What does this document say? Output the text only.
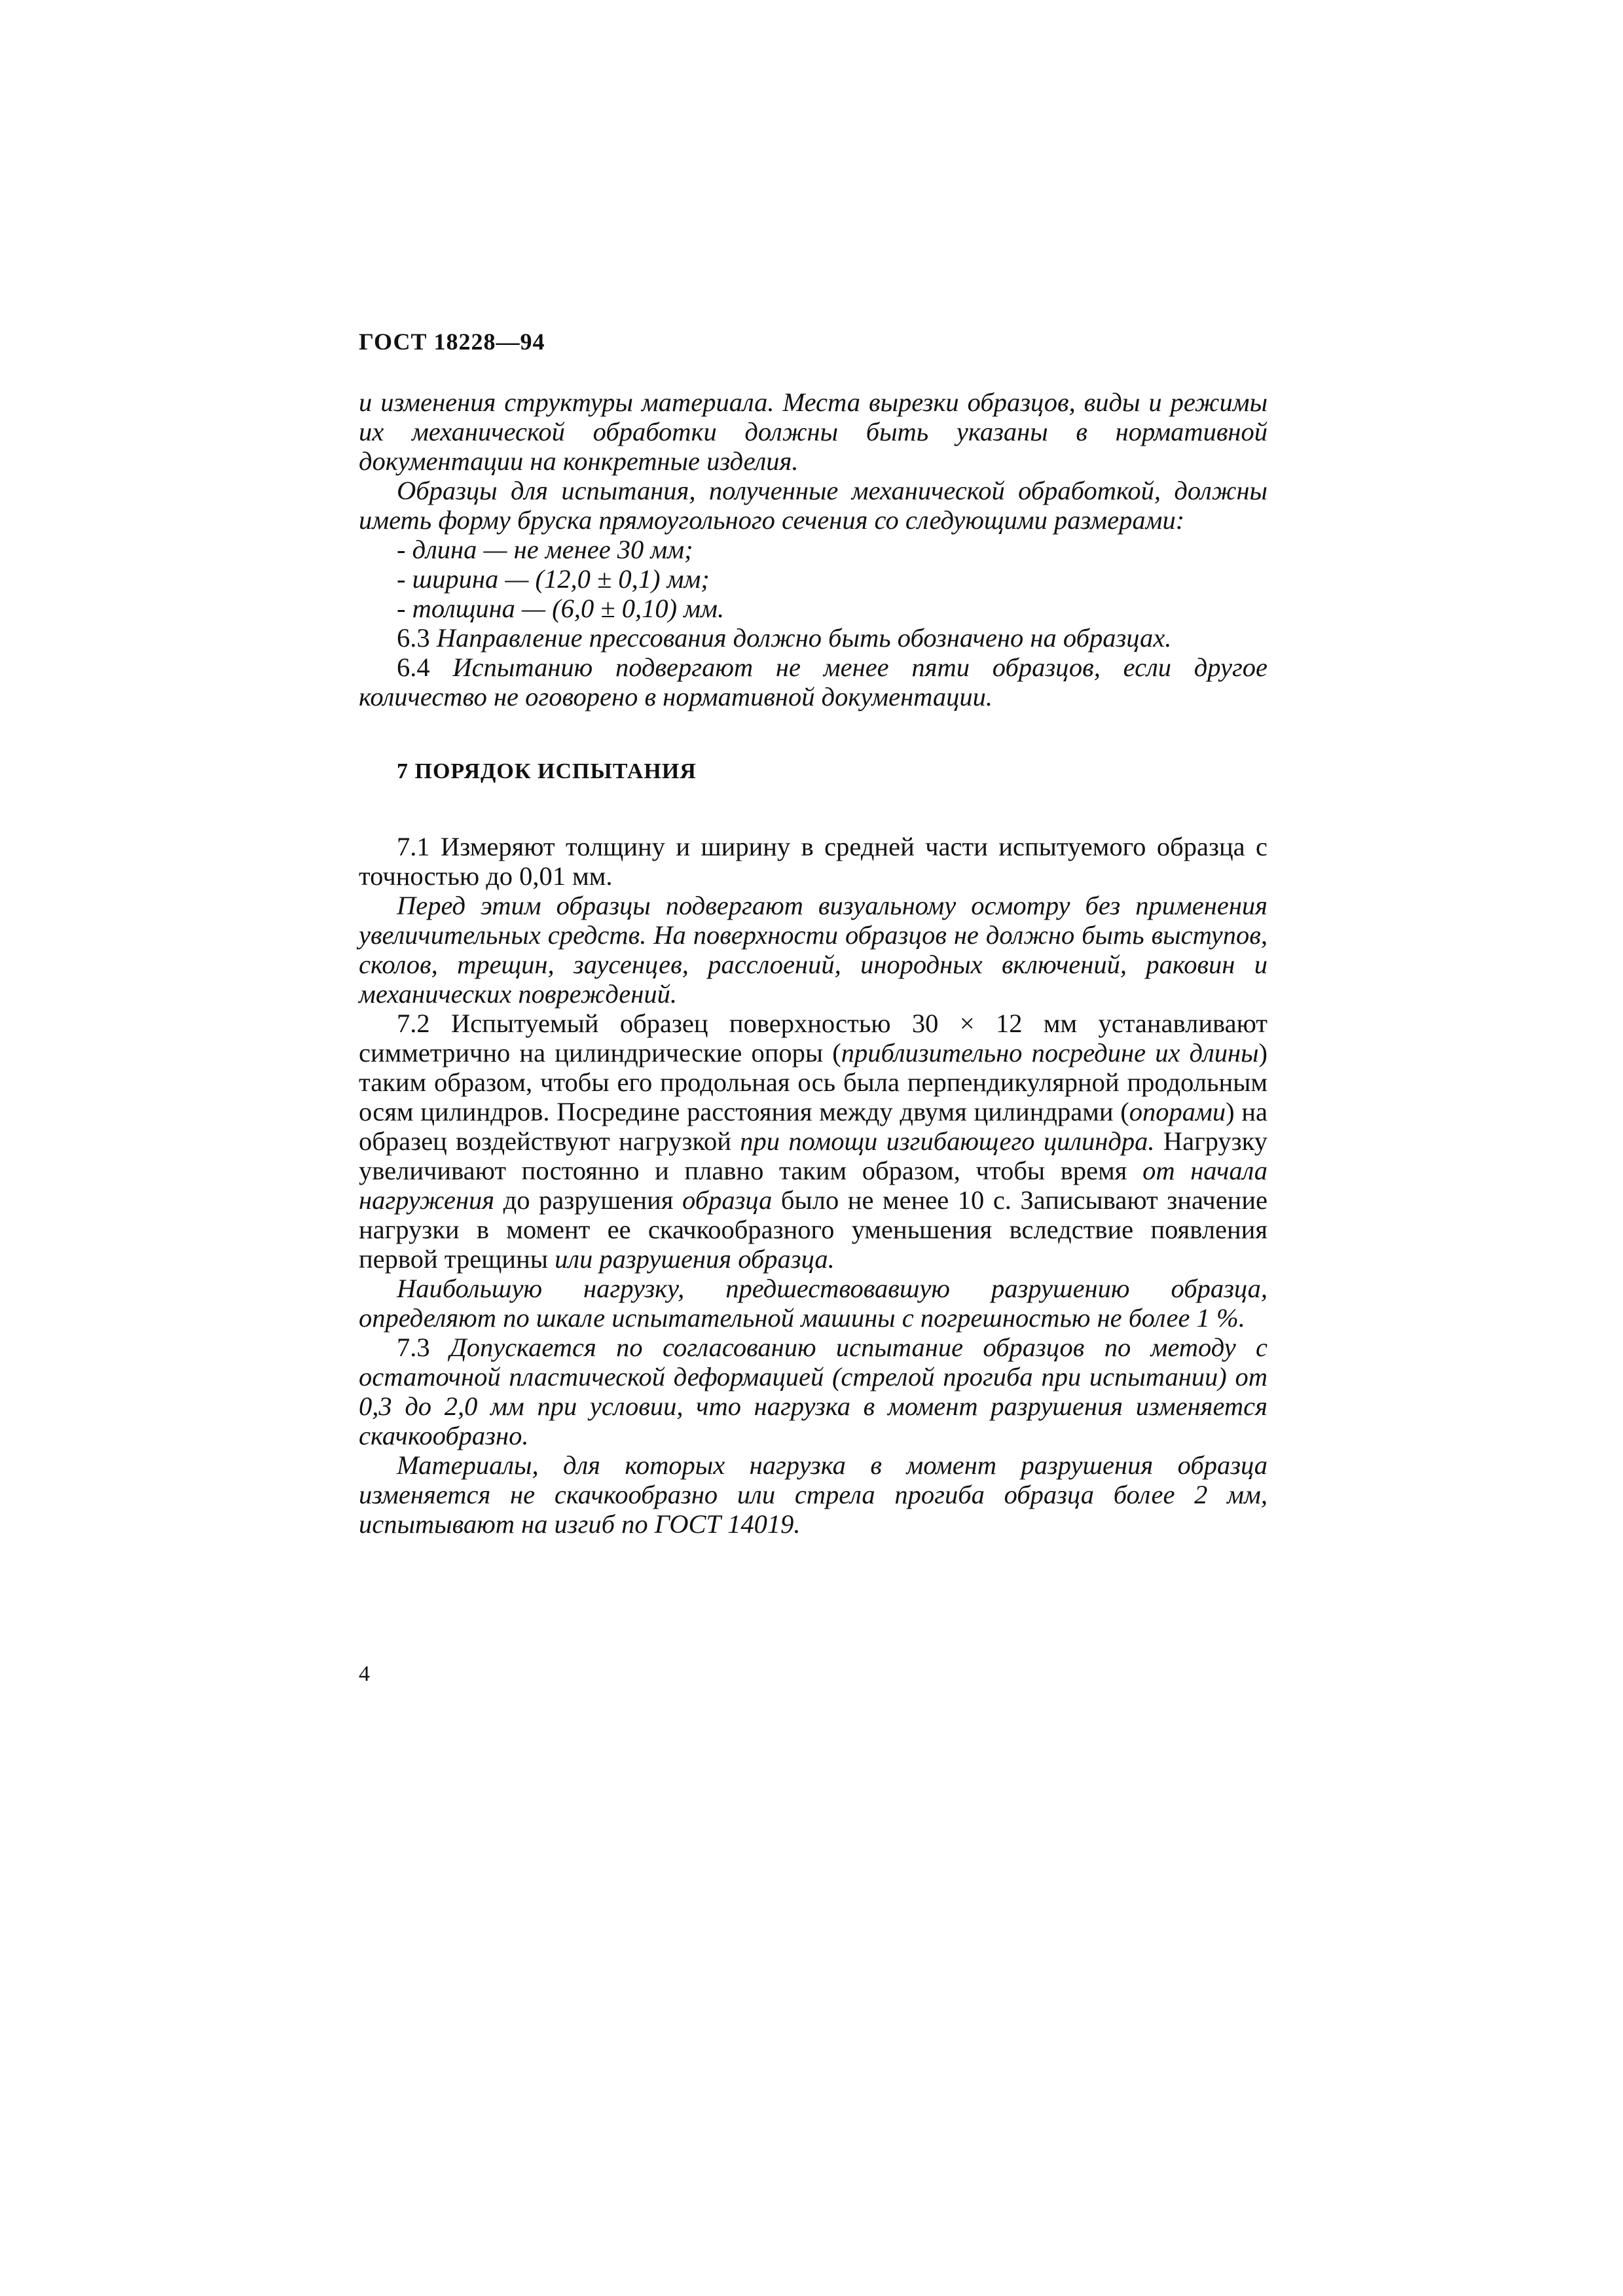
ГОСТ 18228—94

и изменения структуры материала. Места вырезки образцов, виды и режимы их механической обработки должны быть указаны в нормативной документации на конкретные изделия.

Образцы для испытания, полученные механической обработкой, должны иметь форму бруска прямоугольного сечения со следующими размерами:

- длина — не менее 30 мм;

- ширина — (12,0 ± 0,1) мм;

- толщина — (6,0 ± 0,10) мм.

6.3 Направление прессования должно быть обозначено на образцах.

6.4 Испытанию подвергают не менее пяти образцов, если другое количество не оговорено в нормативной документации.

7 ПОРЯДОК ИСПЫТАНИЯ

7.1 Измеряют толщину и ширину в средней части испытуемого образца с точностью до 0,01 мм.

Перед этим образцы подвергают визуальному осмотру без применения увеличительных средств. На поверхности образцов не должно быть выступов, сколов, трещин, заусенцев, расслоений, инородных включений, раковин и механических повреждений.

7.2 Испытуемый образец поверхностью 30 × 12 мм устанавливают симметрично на цилиндрические опоры (приблизительно посредине их длины) таким образом, чтобы его продольная ось была перпендикулярной продольным осям цилиндров. Посредине расстояния между двумя цилиндрами (опорами) на образец воздействуют нагрузкой при помощи изгибающего цилиндра. Нагрузку увеличивают постоянно и плавно таким образом, чтобы время от начала нагружения до разрушения образца было не менее 10 с. Записывают значение нагрузки в момент ее скачкообразного уменьшения вследствие появления первой трещины или разрушения образца.

Наибольшую нагрузку, предшествовавшую разрушению образца, определяют по шкале испытательной машины с погрешностью не более 1 %.

7.3 Допускается по согласованию испытание образцов по методу с остаточной пластической деформацией (стрелой прогиба при испытании) от 0,3 до 2,0 мм при условии, что нагрузка в момент разрушения изменяется скачкообразно.

Материалы, для которых нагрузка в момент разрушения образца изменяется не скачкообразно или стрела прогиба образца более 2 мм, испытывают на изгиб по ГОСТ 14019.

4
